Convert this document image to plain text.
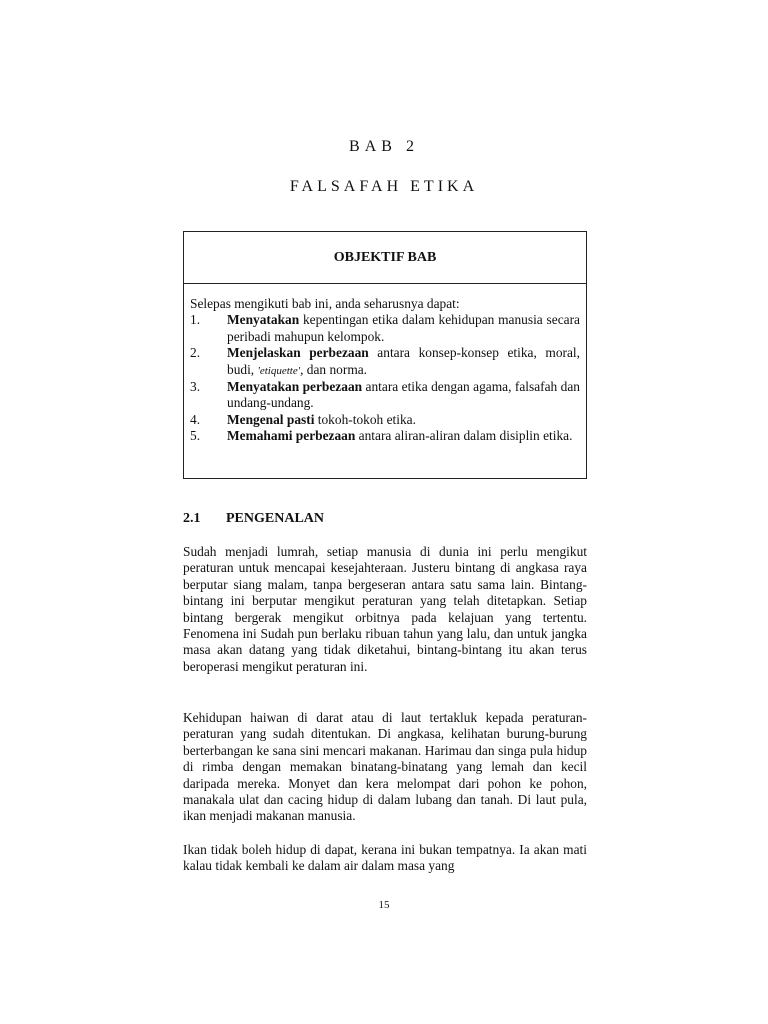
BAB 2
FALSAFAH ETIKA
OBJEKTIF BAB
Selepas mengikuti bab ini, anda seharusnya dapat:
1.	Menyatakan kepentingan etika dalam kehidupan manusia secara peribadi mahupun kelompok.
2.	Menjelaskan perbezaan antara konsep-konsep etika, moral, budi, 'etiquette', dan norma.
3.	Menyatakan perbezaan antara etika dengan agama, falsafah dan undang-undang.
4.	Mengenal pasti tokoh-tokoh etika.
5.	Memahami perbezaan antara aliran-aliran dalam disiplin etika.
2.1	PENGENALAN
Sudah menjadi lumrah, setiap manusia di dunia ini perlu mengikut peraturan untuk mencapai kesejahteraan. Justeru bintang di angkasa raya berputar siang malam, tanpa bergeseran antara satu sama lain. Bintang-bintang ini berputar mengikut peraturan yang telah ditetapkan. Setiap bintang bergerak mengikut orbitnya pada kelajuan yang tertentu. Fenomena ini Sudah pun berlaku ribuan tahun yang lalu, dan untuk jangka masa akan datang yang tidak diketahui, bintang-bintang itu akan terus beroperasi mengikut peraturan ini.
Kehidupan haiwan di darat atau di laut tertakluk kepada peraturan-peraturan yang sudah ditentukan. Di angkasa, kelihatan burung-burung berterbangan ke sana sini mencari makanan. Harimau dan singa pula hidup di rimba dengan memakan binatang-binatang yang lemah dan kecil daripada mereka. Monyet dan kera melompat dari pohon ke pohon, manakala ulat dan cacing hidup di dalam lubang dan tanah. Di laut pula, ikan menjadi makanan manusia.
Ikan tidak boleh hidup di dapat, kerana ini bukan tempatnya. Ia akan mati kalau tidak kembali ke dalam air dalam masa yang
15
